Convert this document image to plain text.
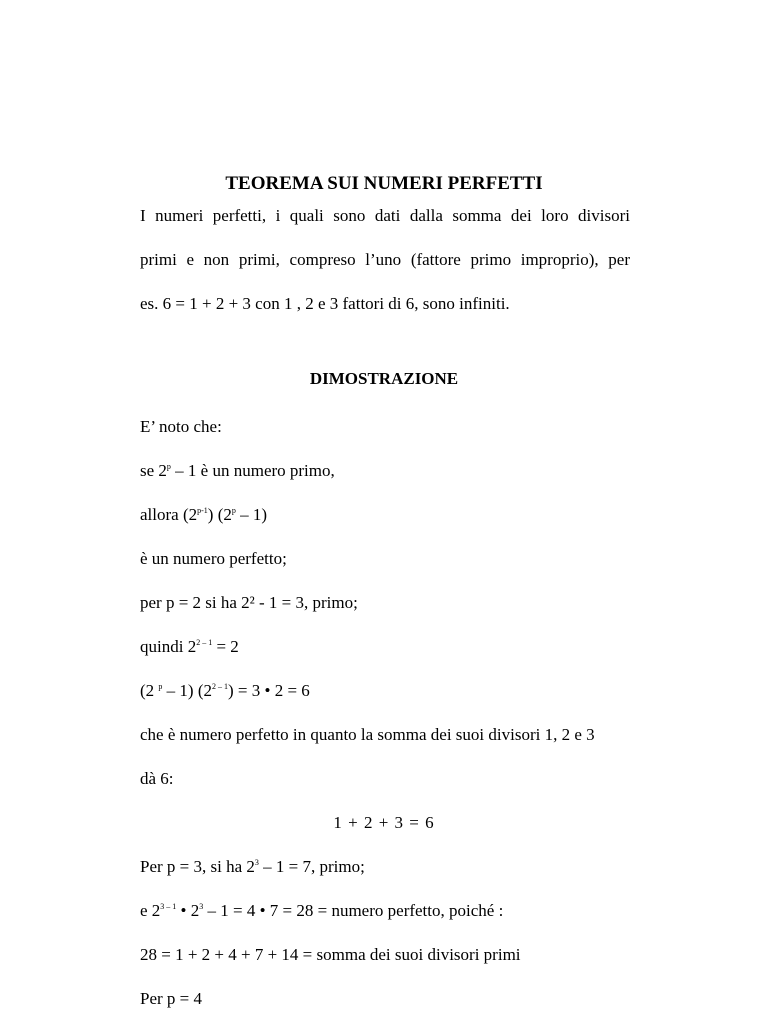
TEOREMA SUI NUMERI PERFETTI
I numeri perfetti, i quali sono dati dalla somma dei loro divisori
primi e non primi, compreso l’uno (fattore primo improprio), per
es. 6 = 1 + 2 + 3 con 1 , 2 e 3 fattori di 6, sono infiniti.
DIMOSTRAZIONE
E’ noto che:
se 2$^p$ – 1 è un numero primo,
allora (2$^{p-1}$) (2$^p$ – 1)
è un numero perfetto;
per p = 2 si ha 2² - 1 = 3, primo;
quindi $2^{2 - 1} = 2$
(2 $^p$ – 1) $(2^{2 - 1}) = 3$ • 2 = 6
che è numero perfetto in quanto la somma dei suoi divisori 1, 2 e 3
dà 6:
1 + 2 + 3 = 6
Per p = 3, si ha $2^3 - 1 = 7$, primo;
e 2$^{3 - 1}$ • $2^3 - 1 = 4$ • 7 = 28 = numero perfetto, poiché :
28 = 1 + 2 + 4 + 7 + 14 = somma dei suoi divisori primi
Per p = 4
